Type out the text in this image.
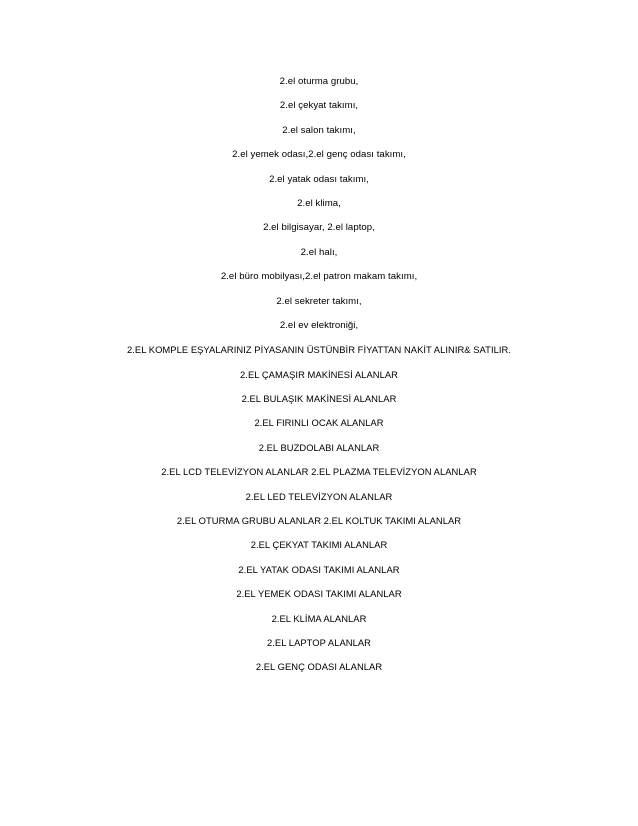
2.el oturma grubu,
2.el çekyat takımı,
2.el salon takımı,
2.el yemek odası,2.el genç odası takımı,
2.el yatak odası takımı,
2.el klima,
2.el bilgisayar, 2.el laptop,
2.el halı,
2.el büro mobilyası,2.el patron makam takımı,
2.el sekreter takımı,
2.el ev elektroniği,
2.EL KOMPLE EŞYALARINIZ PİYASANIN ÜSTÜNBİR FİYATTAN NAKİT ALINIR& SATILIR.
2.EL ÇAMAŞIR MAKİNESİ ALANLAR
2.EL BULAŞIK MAKİNESİ ALANLAR
2.EL FIRINLI OCAK ALANLAR
2.EL BUZDOLABI ALANLAR
2.EL LCD TELEVİZYON ALANLAR 2.EL PLAZMA TELEVİZYON ALANLAR
2.EL LED TELEVİZYON ALANLAR
2.EL OTURMA GRUBU ALANLAR 2.EL KOLTUK TAKIMI ALANLAR
2.EL ÇEKYAT TAKIMI ALANLAR
2.EL YATAK ODASI TAKIMI ALANLAR
2.EL YEMEK ODASI TAKIMI ALANLAR
2.EL KLİMA ALANLAR
2.EL LAPTOP ALANLAR
2.EL GENÇ ODASI ALANLAR
